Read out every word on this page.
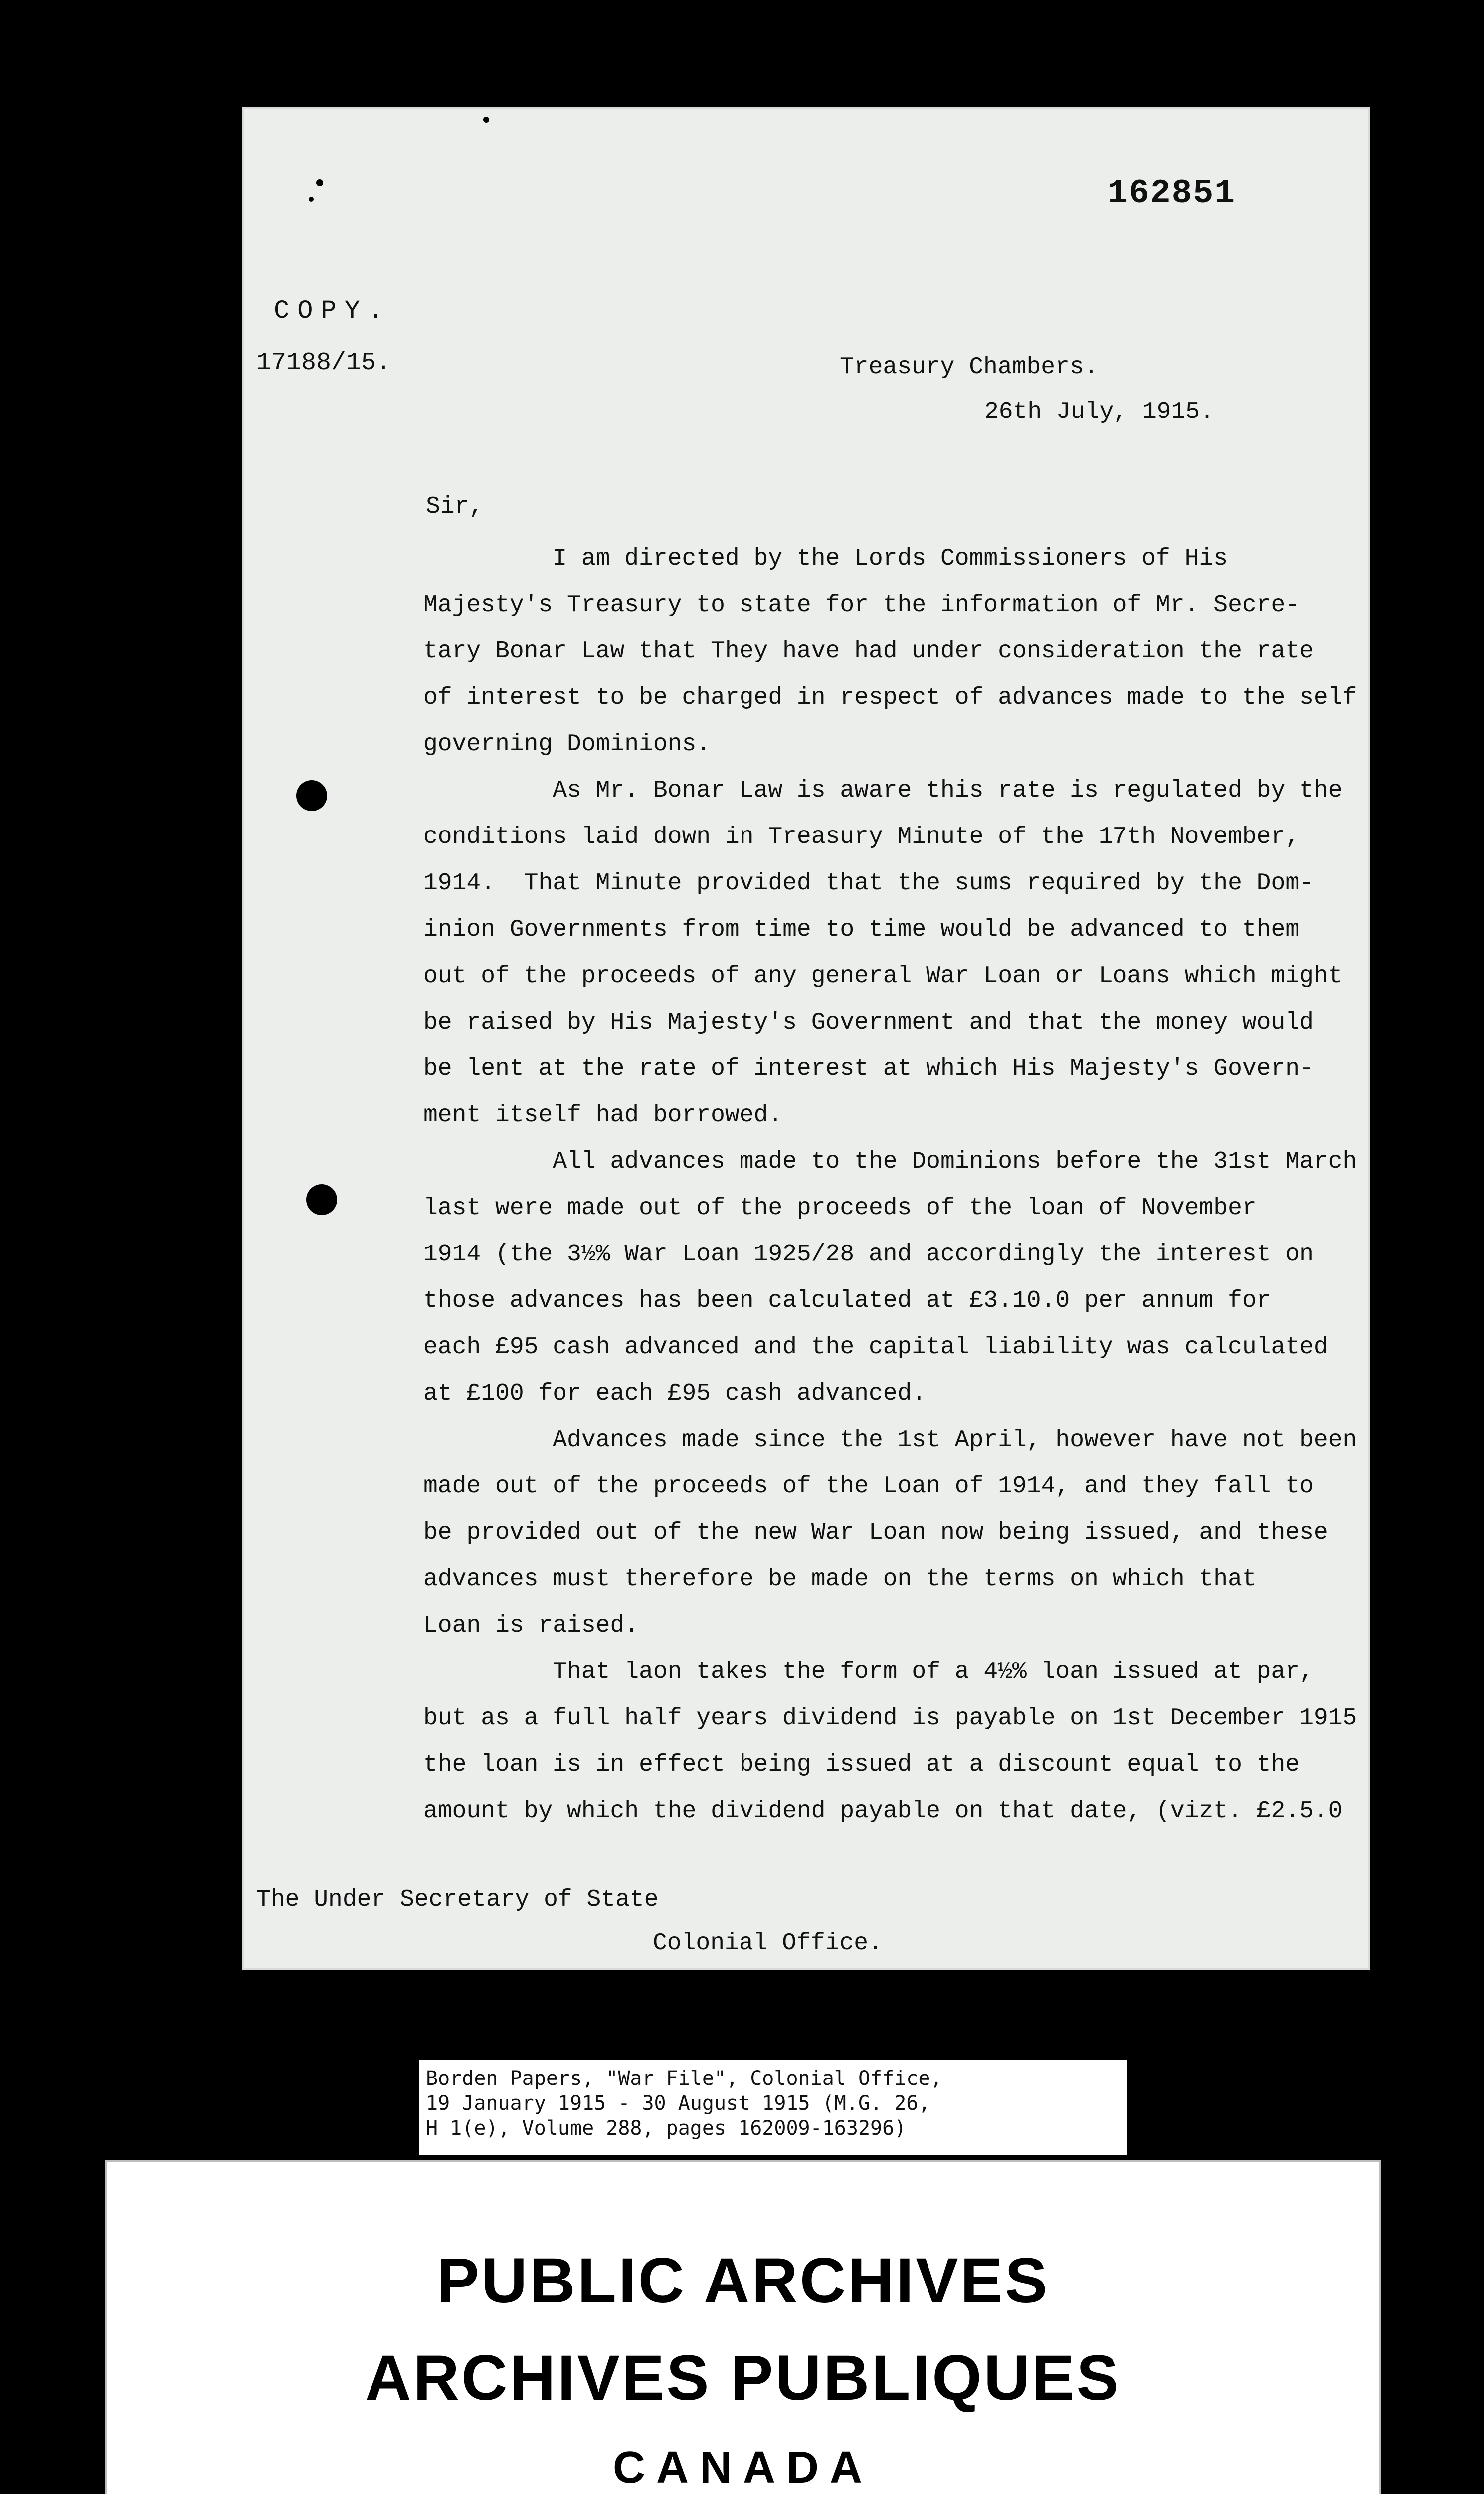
162851
COPY.
17188/15.	Treasury Chambers.
26th July, 1915.
Sir,

I am directed by the Lords Commissioners of His

Majesty's Treasury to state for the information of Mr. Secre-

tary Bonar Law that They have had under consideration the rate

of interest to be charged in respect of advances made to the self

governing Dominions.

As Mr. Bonar Law is aware this rate is regulated by the

conditions laid down in Treasury Minute of the 17th November,

1914.  That Minute provided that the sums required by the Dom-

inion Governments from time to time would be advanced to them

out of the proceeds of any general War Loan or Loans which might

be raised by His Majesty's Government and that the money would

be lent at the rate of interest at which His Majesty's Govern-

ment itself had borrowed.

All advances made to the Dominions before the 31st March

last were made out of the proceeds of the loan of November

1914 (the 3½% War Loan 1925/28 and accordingly the interest on

those advances has been calculated at £3.10.0 per annum for

each £95 cash advanced and the capital liability was calculated

at £100 for each £95 cash advanced.

Advances made since the 1st April, however have not been

made out of the proceeds of the Loan of 1914, and they fall to

be provided out of the new War Loan now being issued, and these

advances must therefore be made on the terms on which that

Loan is raised.

That laon takes the form of a 4½% loan issued at par,

but as a full half years dividend is payable on 1st December 1915

the loan is in effect being issued at a discount equal to the

amount by which the dividend payable on that date, (vizt. £2.5.0

The Under Secretary of State
Colonial Office.
Borden Papers, "War File", Colonial Office,
19 January 1915 - 30 August 1915 (M.G. 26,
H 1(e), Volume 288, pages 162009-163296)
PUBLIC ARCHIVES
ARCHIVES PUBLIQUES
CANADA
